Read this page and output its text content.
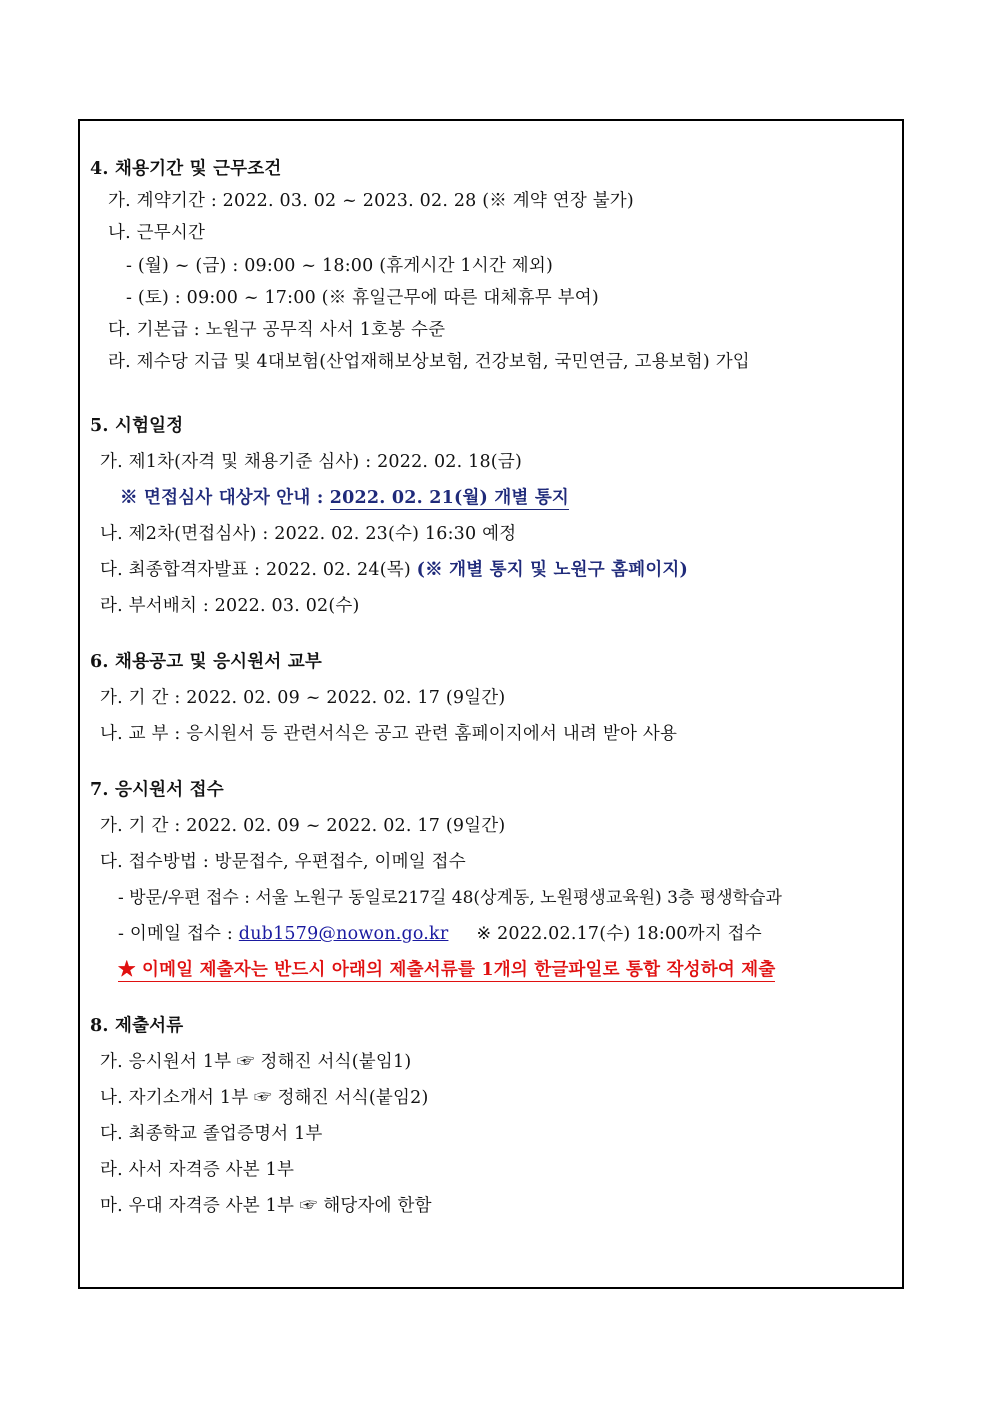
4. 채용기간 및 근무조건
가. 계약기간 : 2022. 03. 02 ~ 2023. 02. 28 (※ 계약 연장 불가)
나. 근무시간
- (월) ~ (금) : 09:00 ~ 18:00 (휴게시간 1시간 제외)
- (토) : 09:00 ~ 17:00 (※ 휴일근무에 따른 대체휴무 부여)
다. 기본급 : 노원구 공무직 사서 1호봉 수준
라. 제수당 지급 및 4대보험(산업재해보상보험, 건강보험, 국민연금, 고용보험) 가입
5. 시험일정
가. 제1차(자격 및 채용기준 심사) : 2022. 02. 18(금)
※ 면접심사 대상자 안내 : 2022. 02. 21(월) 개별 통지
나. 제2차(면접심사) : 2022. 02. 23(수) 16:30 예정
다. 최종합격자발표 : 2022. 02. 24(목) (※ 개별 통지 및 노원구 홈페이지)
라. 부서배치 : 2022. 03. 02(수)
6. 채용공고 및 응시원서 교부
가. 기 간 : 2022. 02. 09 ~ 2022. 02. 17 (9일간)
나. 교 부 : 응시원서 등 관련서식은 공고 관련 홈페이지에서 내려 받아 사용
7. 응시원서 접수
가. 기 간 : 2022. 02. 09 ~ 2022. 02. 17 (9일간)
다. 접수방법 : 방문접수, 우편접수, 이메일 접수
- 방문/우편 접수 : 서울 노원구 동일로217길 48(상계동, 노원평생교육원) 3층 평생학습과
- 이메일 접수 : dub1579@nowon.go.kr ※ 2022.02.17(수) 18:00까지 접수
★ 이메일 제출자는 반드시 아래의 제출서류를 1개의 한글파일로 통합 작성하여 제출
8. 제출서류
가. 응시원서 1부 ☞ 정해진 서식(붙임1)
나. 자기소개서 1부 ☞ 정해진 서식(붙임2)
다. 최종학교 졸업증명서 1부
라. 사서 자격증 사본 1부
마. 우대 자격증 사본 1부 ☞ 해당자에 한함
